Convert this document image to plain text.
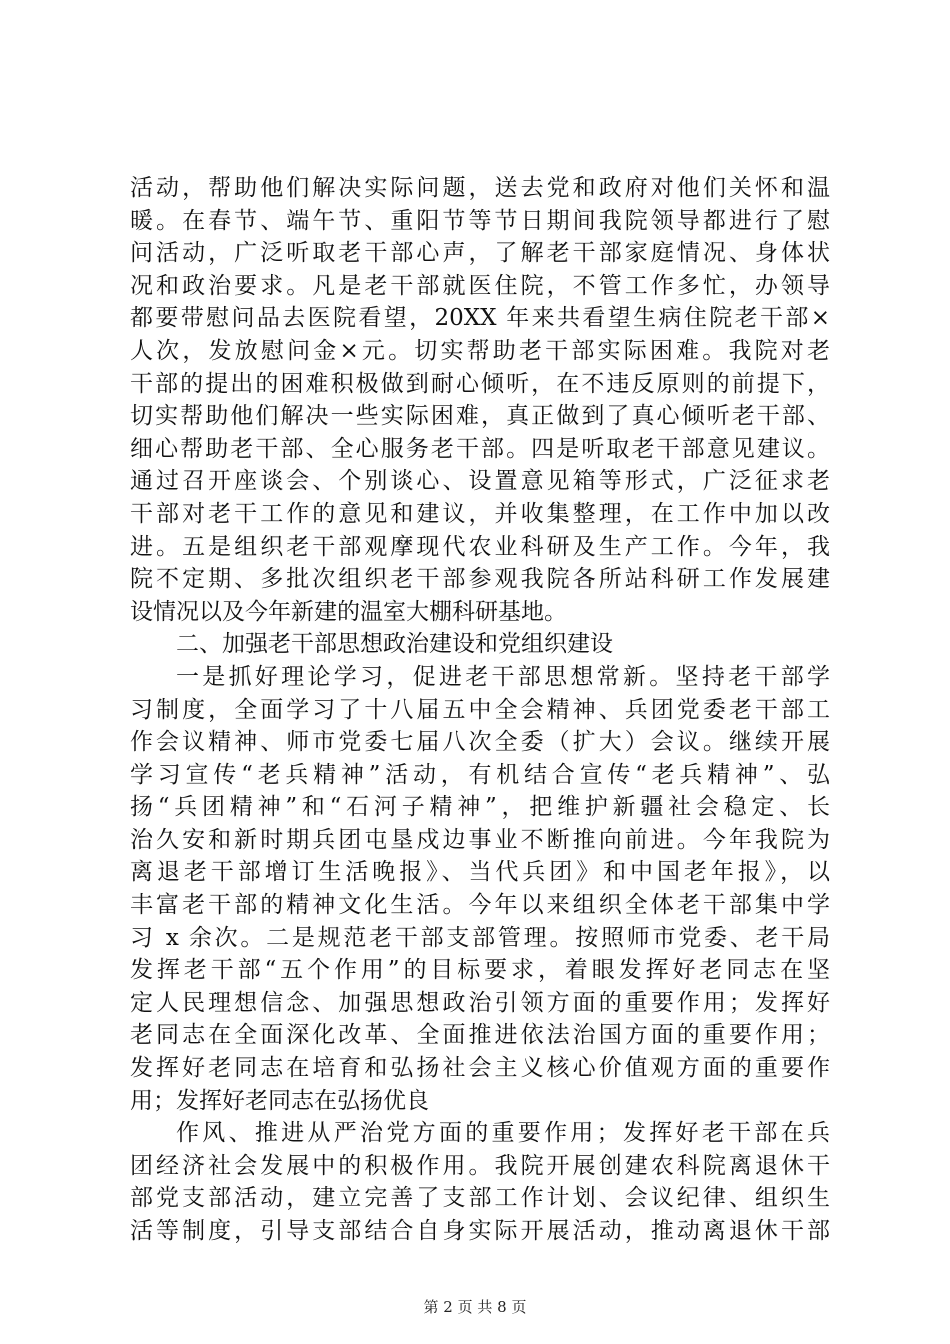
活动，帮助他们解决实际问题，送去党和政府对他们关怀和温
暖。在春节、端午节、重阳节等节日期间我院领导都进行了慰
问活动，广泛听取老干部心声，了解老干部家庭情况、身体状
况和政治要求。凡是老干部就医住院，不管工作多忙，办领导
都要带慰问品去医院看望，20XX 年来共看望生病住院老干部×
人次，发放慰问金×元。切实帮助老干部实际困难。我院对老
干部的提出的困难积极做到耐心倾听，在不违反原则的前提下，
切实帮助他们解决一些实际困难，真正做到了真心倾听老干部、
细心帮助老干部、全心服务老干部。四是听取老干部意见建议。
通过召开座谈会、个别谈心、设置意见箱等形式，广泛征求老
干部对老干工作的意见和建议，并收集整理，在工作中加以改
进。五是组织老干部观摩现代农业科研及生产工作。今年，我
院不定期、多批次组织老干部参观我院各所站科研工作发展建
设情况以及今年新建的温室大棚科研基地。
二、加强老干部思想政治建设和党组织建设
一是抓好理论学习，促进老干部思想常新。坚持老干部学
习制度，全面学习了十八届五中全会精神、兵团党委老干部工
作会议精神、师市党委七届八次全委（扩大）会议。继续开展
学习宣传“老兵精神”活动，有机结合宣传“老兵精神”、弘
扬“兵团精神”和“石河子精神”，把维护新疆社会稳定、长
治久安和新时期兵团屯垦戍边事业不断推向前进。今年我院为
离退老干部增订生活晚报》、当代兵团》和中国老年报》，以
丰富老干部的精神文化生活。今年以来组织全体老干部集中学
习 x 余次。二是规范老干部支部管理。按照师市党委、老干局
发挥老干部“五个作用”的目标要求，着眼发挥好老同志在坚
定人民理想信念、加强思想政治引领方面的重要作用；发挥好
老同志在全面深化改革、全面推进依法治国方面的重要作用；
发挥好老同志在培育和弘扬社会主义核心价值观方面的重要作
用；发挥好老同志在弘扬优良
作风、推进从严治党方面的重要作用；发挥好老干部在兵
团经济社会发展中的积极作用。我院开展创建农科院离退休干
部党支部活动，建立完善了支部工作计划、会议纪律、组织生
活等制度，引导支部结合自身实际开展活动，推动离退休干部
第 2 页 共 8 页
